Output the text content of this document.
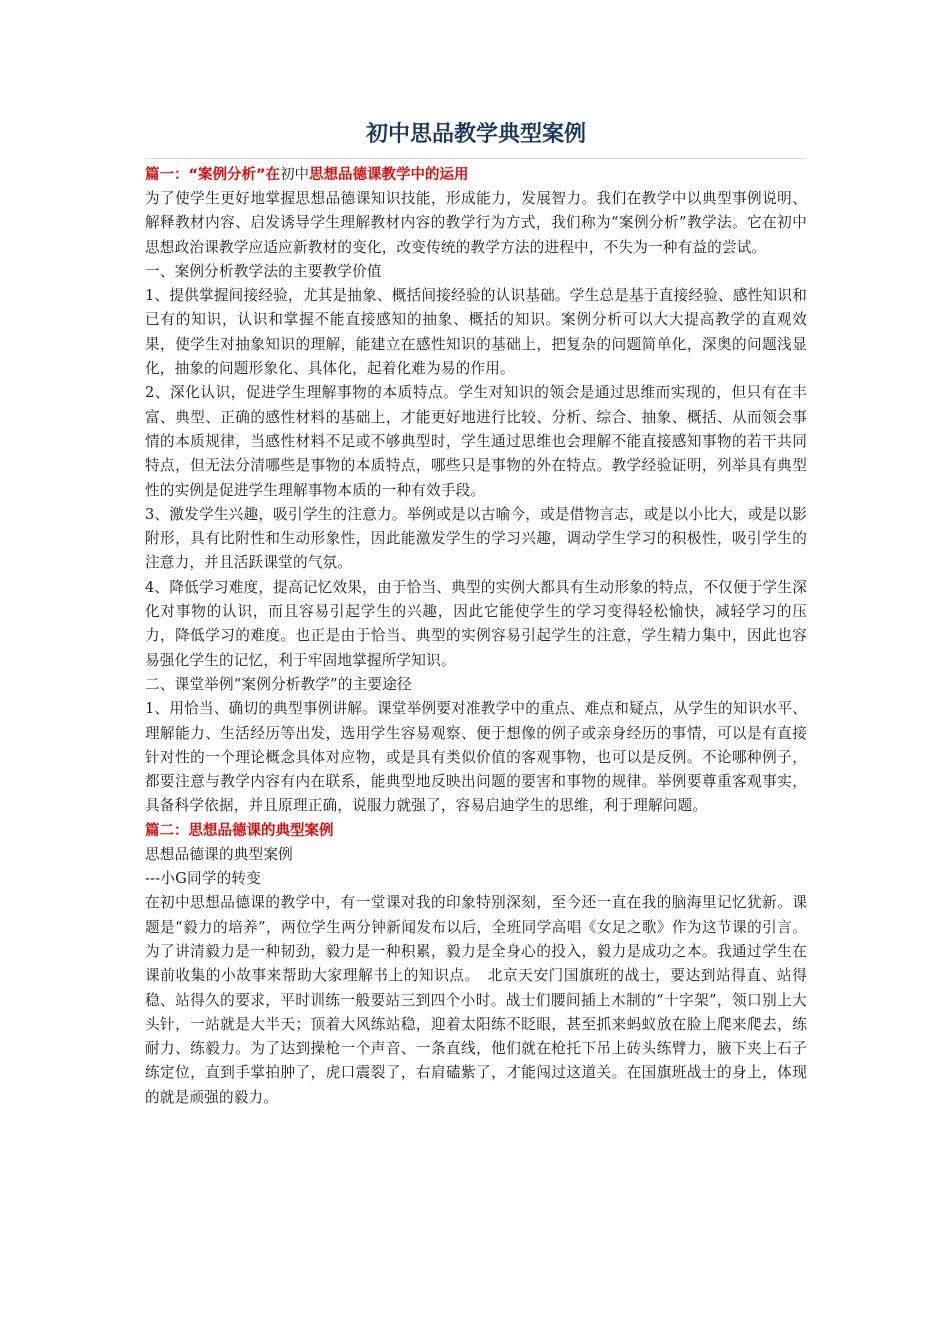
初中思品教学典型案例

篇一：“案例分析”在初中思想品德课教学中的运用

为了使学生更好地掌握思想品德课知识技能，形成能力，发展智力。我们在教学中以典型事例说明、解释教材内容、启发诱导学生理解教材内容的教学行为方式，我们称为“案例分析”教学法。它在初中思想政治课教学应适应新教材的变化，改变传统的教学方法的进程中，不失为一种有益的尝试。

一、案例分析教学法的主要教学价值

1、提供掌握间接经验，尤其是抽象、概括间接经验的认识基础。学生总是基于直接经验、感性知识和已有的知识，认识和掌握不能直接感知的抽象、概括的知识。案例分析可以大大提高教学的直观效果，使学生对抽象知识的理解，能建立在感性知识的基础上，把复杂的问题简单化，深奥的问题浅显化，抽象的问题形象化、具体化，起着化难为易的作用。

2、深化认识，促进学生理解事物的本质特点。学生对知识的领会是通过思维而实现的，但只有在丰富、典型、正确的感性材料的基础上，才能更好地进行比较、分析、综合、抽象、概括、从而领会事情的本质规律，当感性材料不足或不够典型时，学生通过思维也会理解不能直接感知事物的若干共同特点，但无法分清哪些是事物的本质特点，哪些只是事物的外在特点。教学经验证明，列举具有典型性的实例是促进学生理解事物本质的一种有效手段。

3、激发学生兴趣，吸引学生的注意力。举例或是以古喻今，或是借物言志，或是以小比大，或是以影附形，具有比附性和生动形象性，因此能激发学生的学习兴趣，调动学生学习的积极性，吸引学生的注意力，并且活跃课堂的气氛。

4、降低学习难度，提高记忆效果，由于恰当、典型的实例大都具有生动形象的特点，不仅便于学生深化对事物的认识，而且容易引起学生的兴趣，因此它能使学生的学习变得轻松愉快，减轻学习的压力，降低学习的难度。也正是由于恰当、典型的实例容易引起学生的注意，学生精力集中，因此也容易强化学生的记忆，利于牢固地掌握所学知识。

二、课堂举例“案例分析教学”的主要途径

1、用恰当、确切的典型事例讲解。课堂举例要对准教学中的重点、难点和疑点，从学生的知识水平、理解能力、生活经历等出发，选用学生容易观察、便于想像的例子或亲身经历的事情，可以是有直接针对性的一个理论概念具体对应物，或是具有类似价值的客观事物，也可以是反例。不论哪种例子，都要注意与教学内容有内在联系，能典型地反映出问题的要害和事物的规律。举例要尊重客观事实，具备科学依据，并且原理正确，说服力就强了，容易启迪学生的思维，利于理解问题。

篇二：思想品德课的典型案例

思想品德课的典型案例

---小G同学的转变

在初中思想品德课的教学中，有一堂课对我的印象特别深刻，至今还一直在我的脑海里记忆犹新。课题是“毅力的培养”，两位学生两分钟新闻发布以后，全班同学高唱《女足之歌》作为这节课的引言。为了讲清毅力是一种韧劲，毅力是一种积累，毅力是全身心的投入，毅力是成功之本。我通过学生在课前收集的小故事来帮助大家理解书上的知识点。　北京天安门国旗班的战士，要达到站得直、站得稳、站得久的要求，平时训练一般要站三到四个小时。战士们腰间插上木制的“十字架”，领口别上大头针，一站就是大半天；顶着大风练站稳，迎着太阳练不眨眼，甚至抓来蚂蚁放在脸上爬来爬去，练耐力、练毅力。为了达到操枪一个声音、一条直线，他们就在枪托下吊上砖头练臂力，腋下夹上石子练定位，直到手掌拍肿了，虎口震裂了，右肩磕紫了，才能闯过这道关。在国旗班战士的身上，体现的就是顽强的毅力。
